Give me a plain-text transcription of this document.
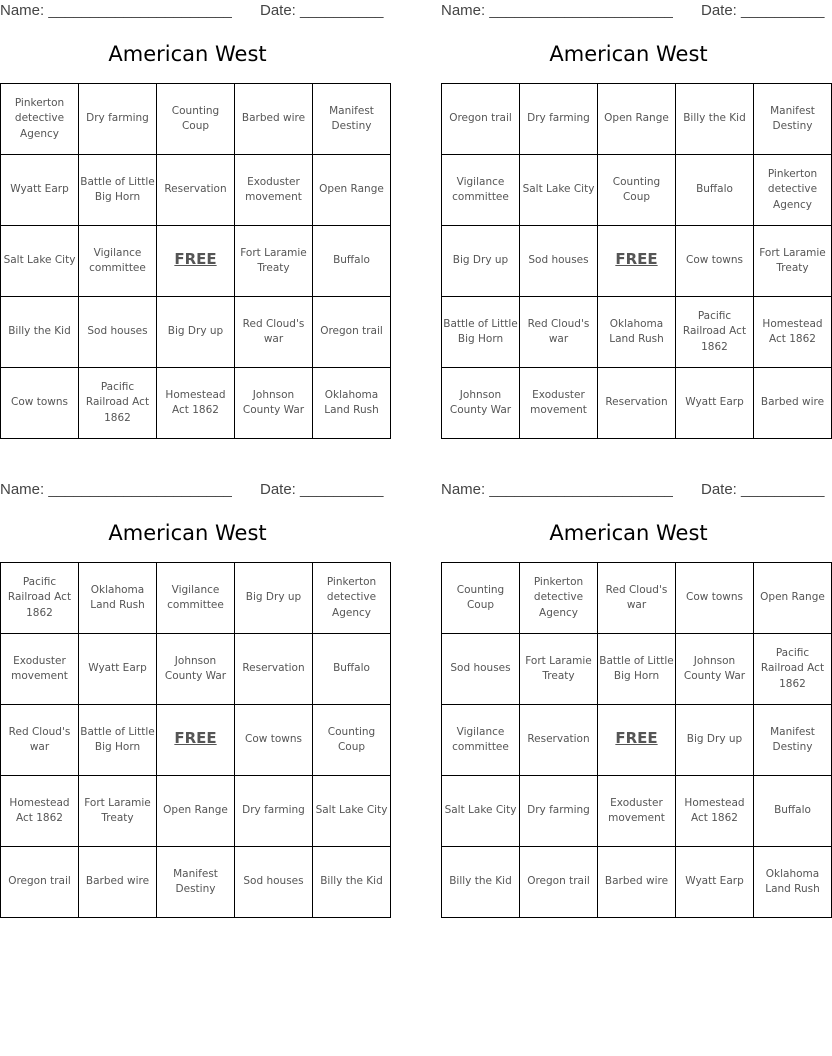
Name: ______________________ Date: __________
American West
Pinkerton detective Agency	Dry farming	Counting Coup	Barbed wire	Manifest Destiny
Wyatt Earp	Battle of Little Big Horn	Reservation	Exoduster movement	Open Range
Salt Lake City	Vigilance committee	FREE	Fort Laramie Treaty	Buffalo
Billy the Kid	Sod houses	Big Dry up	Red Cloud's war	Oregon trail
Cow towns	Pacific Railroad Act 1862	Homestead Act 1862	Johnson County War	Oklahoma Land Rush
Name: ______________________ Date: __________
American West
Oregon trail	Dry farming	Open Range	Billy the Kid	Manifest Destiny
Vigilance committee	Salt Lake City	Counting Coup	Buffalo	Pinkerton detective Agency
Big Dry up	Sod houses	FREE	Cow towns	Fort Laramie Treaty
Battle of Little Big Horn	Red Cloud's war	Oklahoma Land Rush	Pacific Railroad Act 1862	Homestead Act 1862
Johnson County War	Exoduster movement	Reservation	Wyatt Earp	Barbed wire
Name: ______________________ Date: __________
American West
Pacific Railroad Act 1862	Oklahoma Land Rush	Vigilance committee	Big Dry up	Pinkerton detective Agency
Exoduster movement	Wyatt Earp	Johnson County War	Reservation	Buffalo
Red Cloud's war	Battle of Little Big Horn	FREE	Cow towns	Counting Coup
Homestead Act 1862	Fort Laramie Treaty	Open Range	Dry farming	Salt Lake City
Oregon trail	Barbed wire	Manifest Destiny	Sod houses	Billy the Kid
Name: ______________________ Date: __________
American West
Counting Coup	Pinkerton detective Agency	Red Cloud's war	Cow towns	Open Range
Sod houses	Fort Laramie Treaty	Battle of Little Big Horn	Johnson County War	Pacific Railroad Act 1862
Vigilance committee	Reservation	FREE	Big Dry up	Manifest Destiny
Salt Lake City	Dry farming	Exoduster movement	Homestead Act 1862	Buffalo
Billy the Kid	Oregon trail	Barbed wire	Wyatt Earp	Oklahoma Land Rush
